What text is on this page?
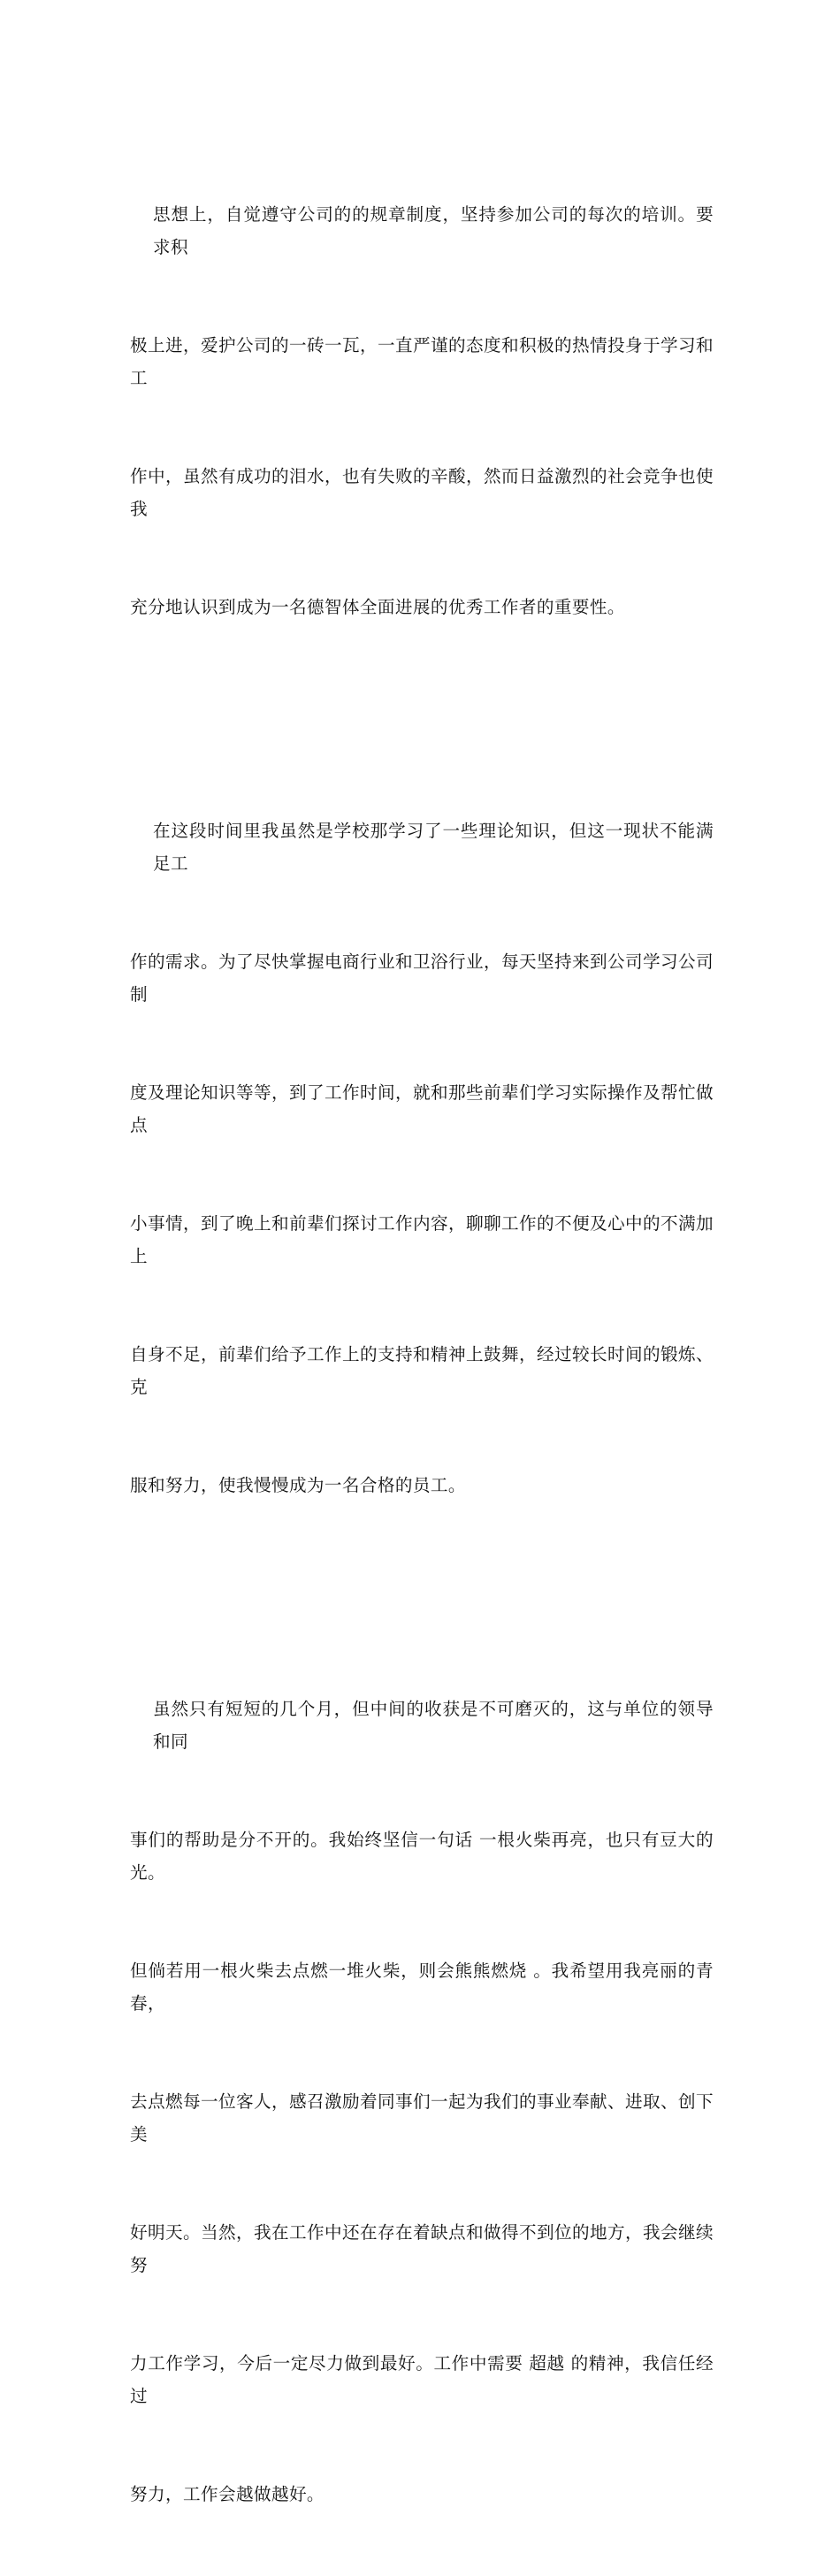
思想上，自觉遵守公司的的规章制度，坚持参加公司的每次的培训。要求积

极上进，爱护公司的一砖一瓦，一直严谨的态度和积极的热情投身于学习和工

作中，虽然有成功的泪水，也有失败的辛酸，然而日益激烈的社会竞争也使我

充分地认识到成为一名德智体全面进展的优秀工作者的重要性。

在这段时间里我虽然是学校那学习了一些理论知识，但这一现状不能满足工

作的需求。为了尽快掌握电商行业和卫浴行业，每天坚持来到公司学习公司制

度及理论知识等等，到了工作时间，就和那些前辈们学习实际操作及帮忙做点

小事情，到了晚上和前辈们探讨工作内容，聊聊工作的不便及心中的不满加上

自身不足，前辈们给予工作上的支持和精神上鼓舞，经过较长时间的锻炼、克

服和努力，使我慢慢成为一名合格的员工。

虽然只有短短的几个月，但中间的收获是不可磨灭的，这与单位的领导和同

事们的帮助是分不开的。我始终坚信一句话 一根火柴再亮，也只有豆大的光。

但倘若用一根火柴去点燃一堆火柴，则会熊熊燃烧 。我希望用我亮丽的青春，

去点燃每一位客人，感召激励着同事们一起为我们的事业奉献、进取、创下美

好明天。当然，我在工作中还在存在着缺点和做得不到位的地方，我会继续努

力工作学习，今后一定尽力做到最好。工作中需要 超越 的精神，我信任经过

努力，工作会越做越好。
